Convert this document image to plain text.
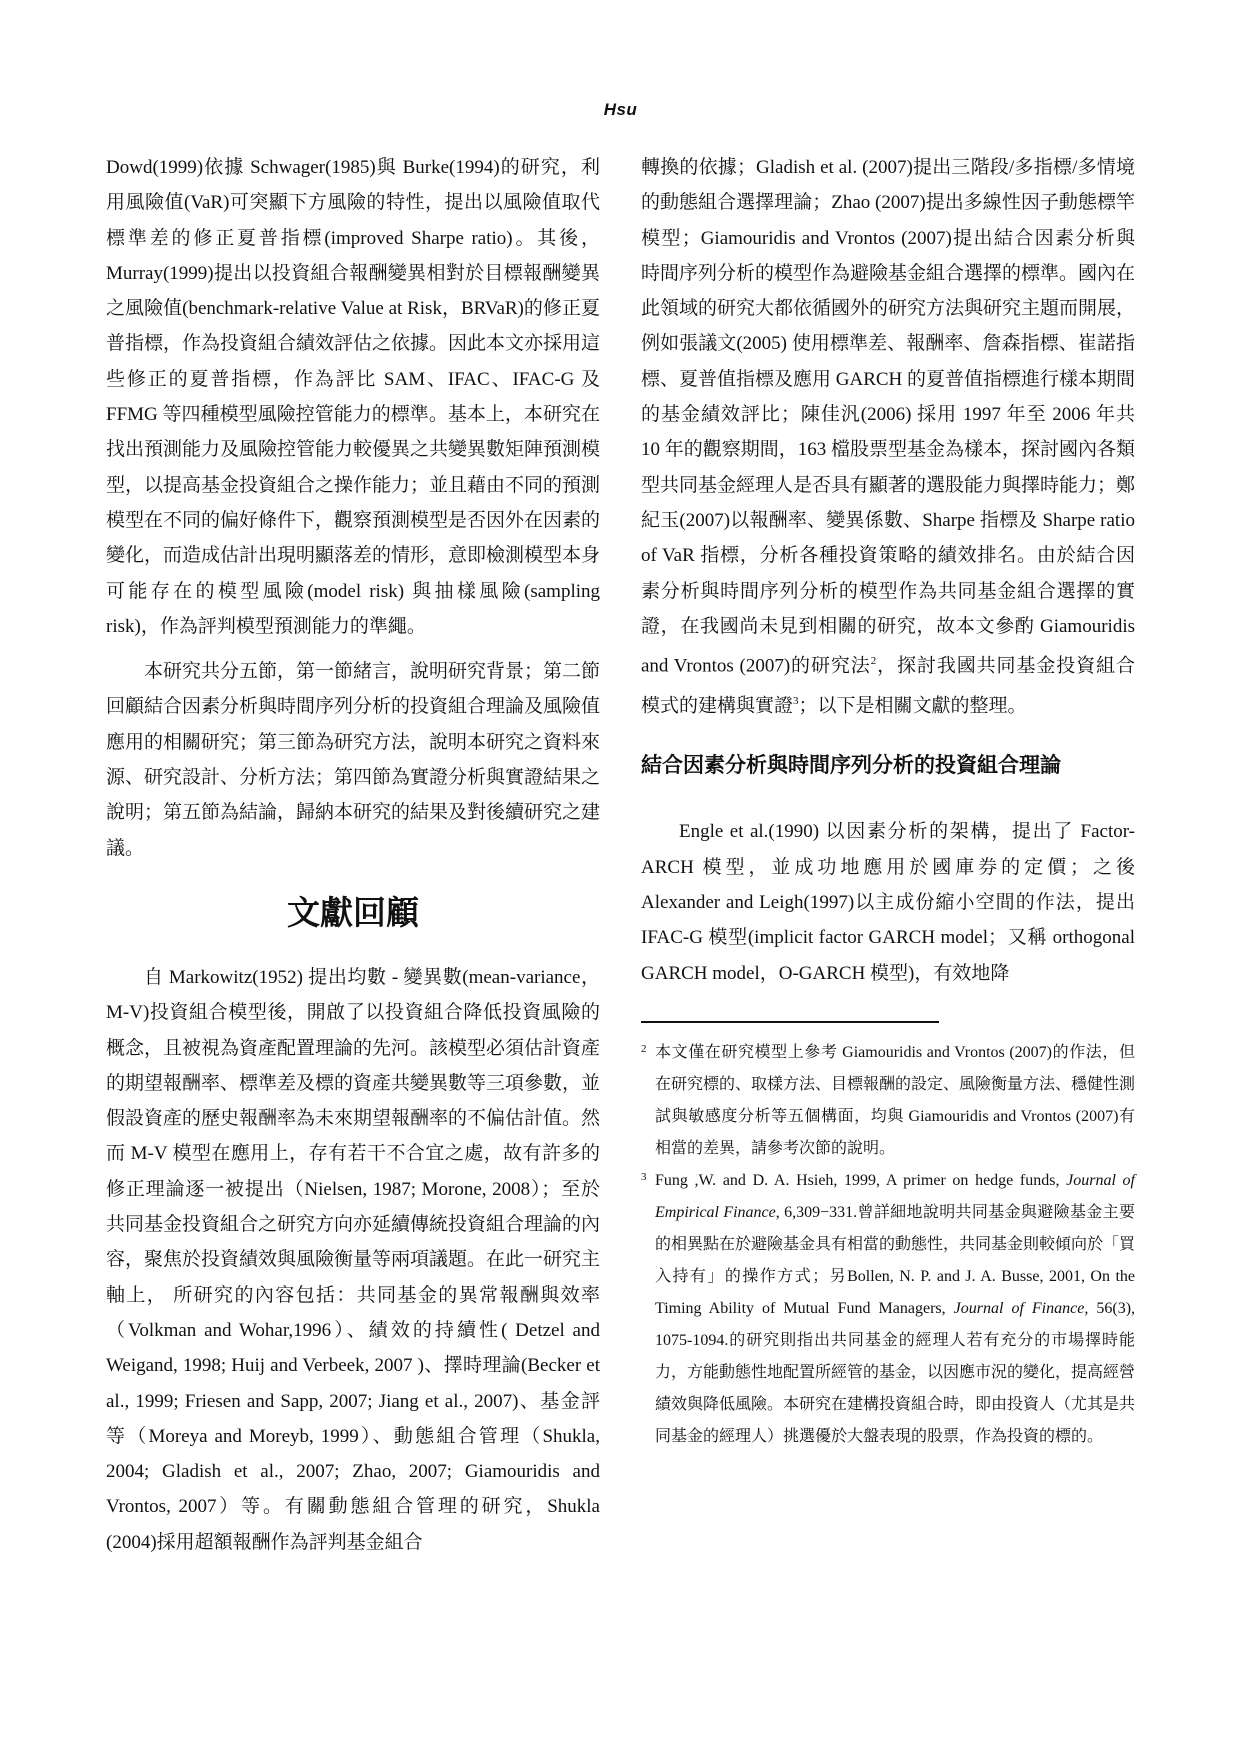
Hsu

Dowd(1999)依據 Schwager(1985)與 Burke(1994)的研究，利用風險值(VaR)可突顯下方風險的特性，提出以風險值取代標準差的修正夏普指標(improved Sharpe ratio)。其後，Murray(1999)提出以投資組合報酬變異相對於目標報酬變異之風險值(benchmark-relative Value at Risk，BRVaR)的修正夏普指標，作為投資組合績效評估之依據。因此本文亦採用這些修正的夏普指標，作為評比 SAM、IFAC、IFAC-G 及 FFMG 等四種模型風險控管能力的標準。基本上，本研究在找出預測能力及風險控管能力較優異之共變異數矩陣預測模型，以提高基金投資組合之操作能力；並且藉由不同的預測模型在不同的偏好條件下，觀察預測模型是否因外在因素的變化，而造成估計出現明顯落差的情形，意即檢測模型本身可能存在的模型風險(model risk) 與抽樣風險(sampling risk)，作為評判模型預測能力的準繩。

本研究共分五節，第一節緒言，說明研究背景；第二節回顧結合因素分析與時間序列分析的投資組合理論及風險值應用的相關研究；第三節為研究方法，說明本研究之資料來源、研究設計、分析方法；第四節為實證分析與實證結果之說明；第五節為結論，歸納本研究的結果及對後續研究之建議。

文獻回顧

自 Markowitz(1952) 提出均數 - 變異數(mean-variance，M-V)投資組合模型後，開啟了以投資組合降低投資風險的概念，且被視為資產配置理論的先河。該模型必須估計資產的期望報酬率、標準差及標的資產共變異數等三項參數，並假設資產的歷史報酬率為未來期望報酬率的不偏估計值。然而 M-V 模型在應用上，存有若干不合宜之處，故有許多的修正理論逐一被提出（Nielsen, 1987; Morone, 2008）；至於共同基金投資組合之研究方向亦延續傳統投資組合理論的內容，聚焦於投資績效與風險衡量等兩項議題。在此一研究主軸上， 所研究的內容包括：共同基金的異常報酬與效率（Volkman and Wohar,1996）、績效的持續性( Detzel and Weigand, 1998; Huij and Verbeek, 2007 )、擇時理論(Becker et al., 1999; Friesen and Sapp, 2007; Jiang et al., 2007)、基金評等（Moreya and Moreyb, 1999）、動態組合管理（Shukla, 2004; Gladish et al., 2007; Zhao, 2007; Giamouridis and Vrontos, 2007）等。有關動態組合管理的研究，Shukla (2004)採用超額報酬作為評判基金組合

轉換的依據；Gladish et al. (2007)提出三階段/多指標/多情境的動態組合選擇理論；Zhao (2007)提出多線性因子動態標竿模型；Giamouridis and Vrontos (2007)提出結合因素分析與時間序列分析的模型作為避險基金組合選擇的標準。國內在此領域的研究大都依循國外的研究方法與研究主題而開展，例如張議文(2005) 使用標準差、報酬率、詹森指標、崔諾指標、夏普值指標及應用 GARCH 的夏普值指標進行樣本期間的基金績效評比；陳佳汎(2006) 採用 1997 年至 2006 年共 10 年的觀察期間，163 檔股票型基金為樣本，探討國內各類型共同基金經理人是否具有顯著的選股能力與擇時能力；鄭紀玉(2007)以報酬率、變異係數、Sharpe 指標及 Sharpe ratio of VaR 指標，分析各種投資策略的績效排名。由於結合因素分析與時間序列分析的模型作為共同基金組合選擇的實證，在我國尚未見到相關的研究，故本文參酌 Giamouridis and Vrontos (2007)的研究法$^2$，探討我國共同基金投資組合模式的建構與實證$^3$；以下是相關文獻的整理。

結合因素分析與時間序列分析的投資組合理論

Engle et al.(1990) 以因素分析的架構，提出了 Factor-ARCH 模型，並成功地應用於國庫券的定價；之後 Alexander and Leigh(1997)以主成份縮小空間的作法，提出 IFAC-G 模型(implicit factor GARCH model；又稱 orthogonal GARCH model，O-GARCH 模型)，有效地降

2 本文僅在研究模型上參考 Giamouridis and Vrontos (2007)的作法，但在研究標的、取樣方法、目標報酬的設定、風險衡量方法、穩健性測試與敏感度分析等五個構面，均與 Giamouridis and Vrontos (2007)有相當的差異，請參考次節的說明。

3 Fung ,W. and D. A. Hsieh, 1999, A primer on hedge funds, Journal of Empirical Finance, 6,309−331.曾詳細地說明共同基金與避險基金主要的相異點在於避險基金具有相當的動態性，共同基金則較傾向於「買入持有」的操作方式；另Bollen, N. P. and J. A. Busse, 2001, On the Timing Ability of Mutual Fund Managers, Journal of Finance, 56(3), 1075-1094.的研究則指出共同基金的經理人若有充分的市場擇時能力，方能動態性地配置所經管的基金，以因應市況的變化，提高經營績效與降低風險。本研究在建構投資組合時，即由投資人（尤其是共同基金的經理人）挑選優於大盤表現的股票，作為投資的標的。
